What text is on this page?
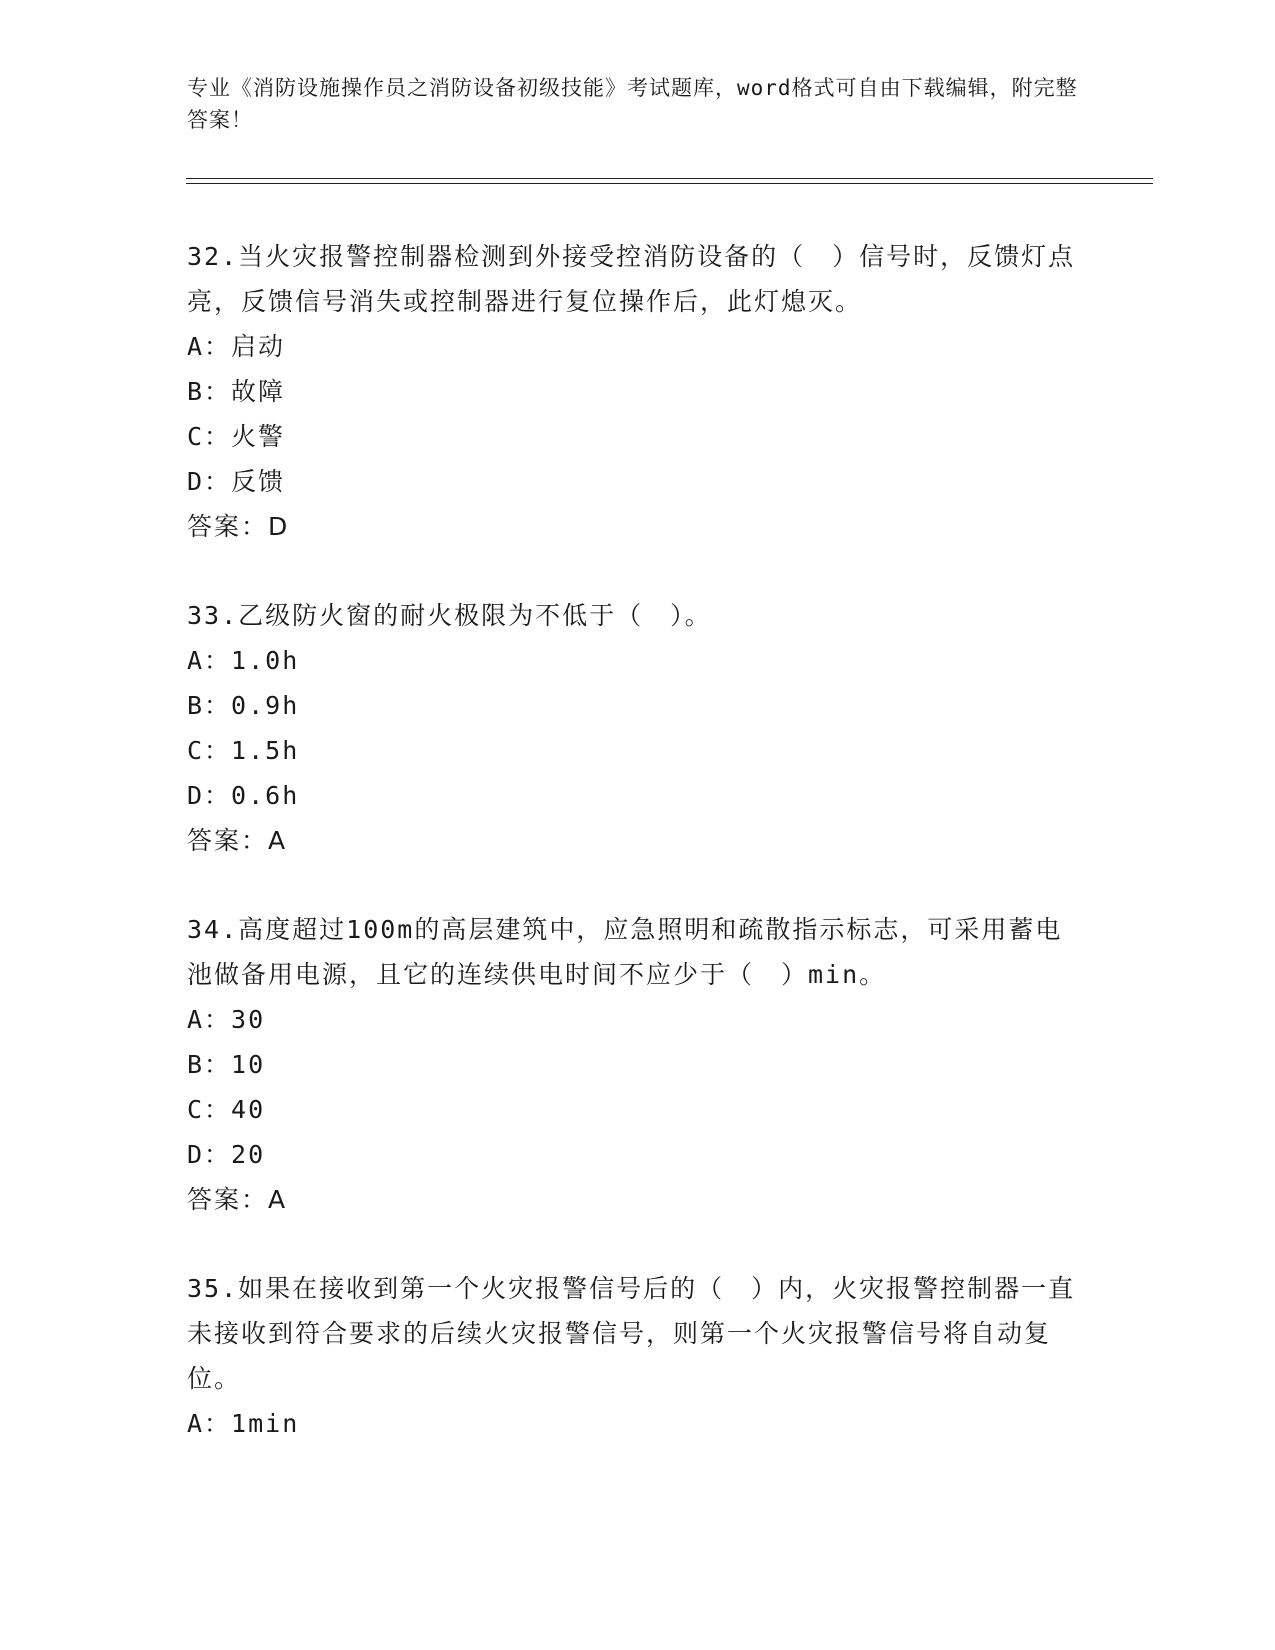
专业《消防设施操作员之消防设备初级技能》考试题库，word格式可自由下载编辑，附完整答案！

32.当火灾报警控制器检测到外接受控消防设备的（　）信号时，反馈灯点亮，反馈信号消失或控制器进行复位操作后，此灯熄灭。

A：启动
B：故障
C：火警
D：反馈
答案：D

33.乙级防火窗的耐火极限为不低于（　）。

A：1.0h
B：0.9h
C：1.5h
D：0.6h
答案：A

34.高度超过100m的高层建筑中，应急照明和疏散指示标志，可采用蓄电池做备用电源，且它的连续供电时间不应少于（　）min。

A：30
B：10
C：40
D：20
答案：A

35.如果在接收到第一个火灾报警信号后的（　）内，火灾报警控制器一直未接收到符合要求的后续火灾报警信号，则第一个火灾报警信号将自动复位。

A：1min
